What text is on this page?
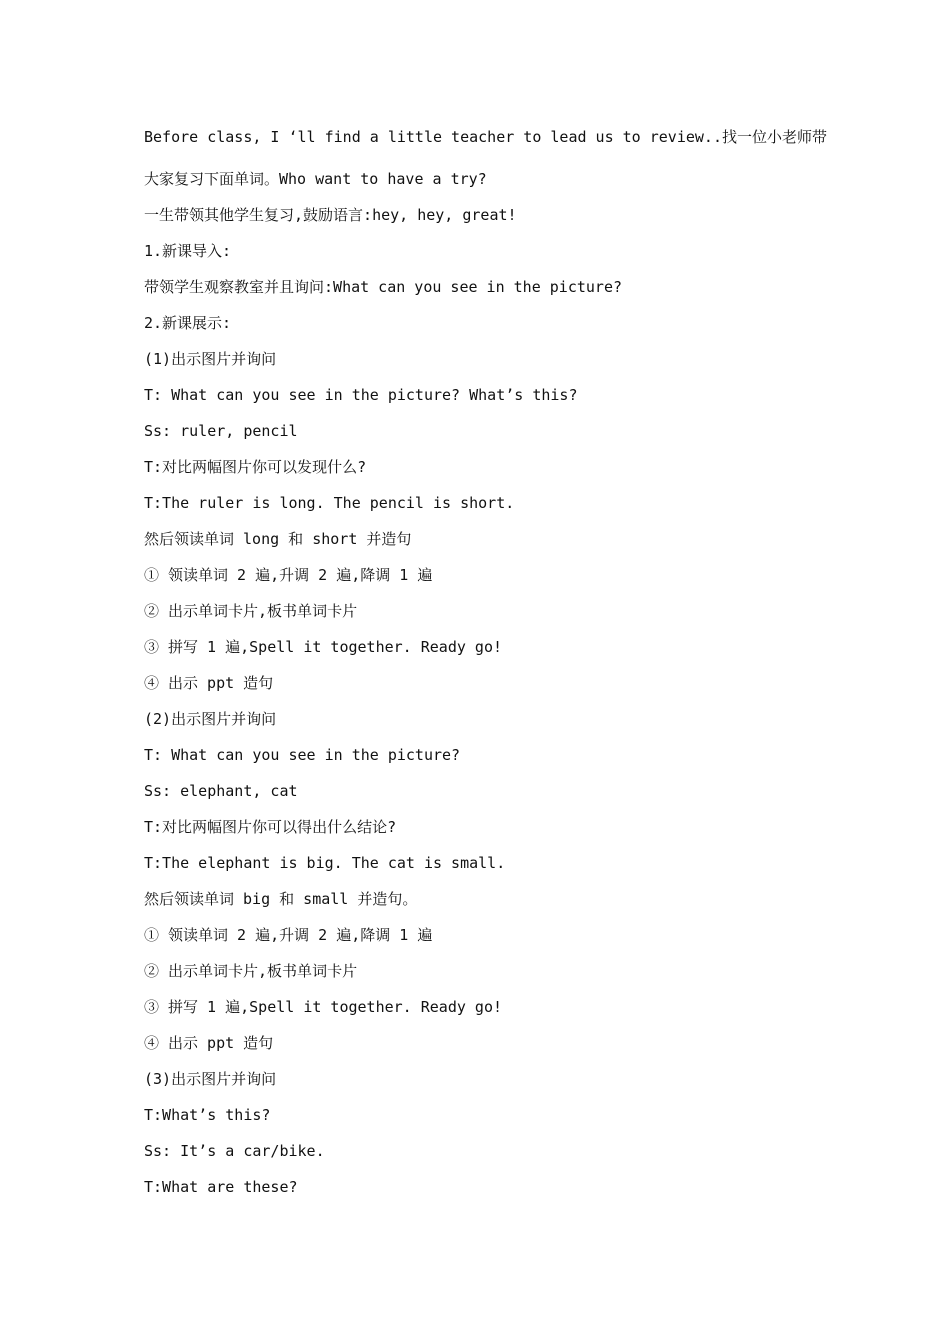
Before class, I ‘ll find a little teacher to lead us to review..找一位小老师带
大家复习下面单词。Who want to have a try?
一生带领其他学生复习,鼓励语言:hey, hey, great!
1.新课导入:
带领学生观察教室并且询问:What can you see in the picture?
2.新课展示:
(1)出示图片并询问
T: What can you see in the picture? What’s this?
Ss: ruler, pencil
T:对比两幅图片你可以发现什么?
T:The ruler is long. The pencil is short.
然后领读单词 long 和 short 并造句
① 领读单词 2 遍,升调 2 遍,降调 1 遍
② 出示单词卡片,板书单词卡片
③ 拼写 1 遍,Spell it together. Ready go!
④ 出示 ppt 造句
(2)出示图片并询问
T: What can you see in the picture?
Ss: elephant, cat
T:对比两幅图片你可以得出什么结论?
T:The elephant is big. The cat is small.
然后领读单词 big 和 small 并造句。
① 领读单词 2 遍,升调 2 遍,降调 1 遍
② 出示单词卡片,板书单词卡片
③ 拼写 1 遍,Spell it together. Ready go!
④ 出示 ppt 造句
(3)出示图片并询问
T:What’s this?
Ss: It’s a car/bike.
T:What are these?
